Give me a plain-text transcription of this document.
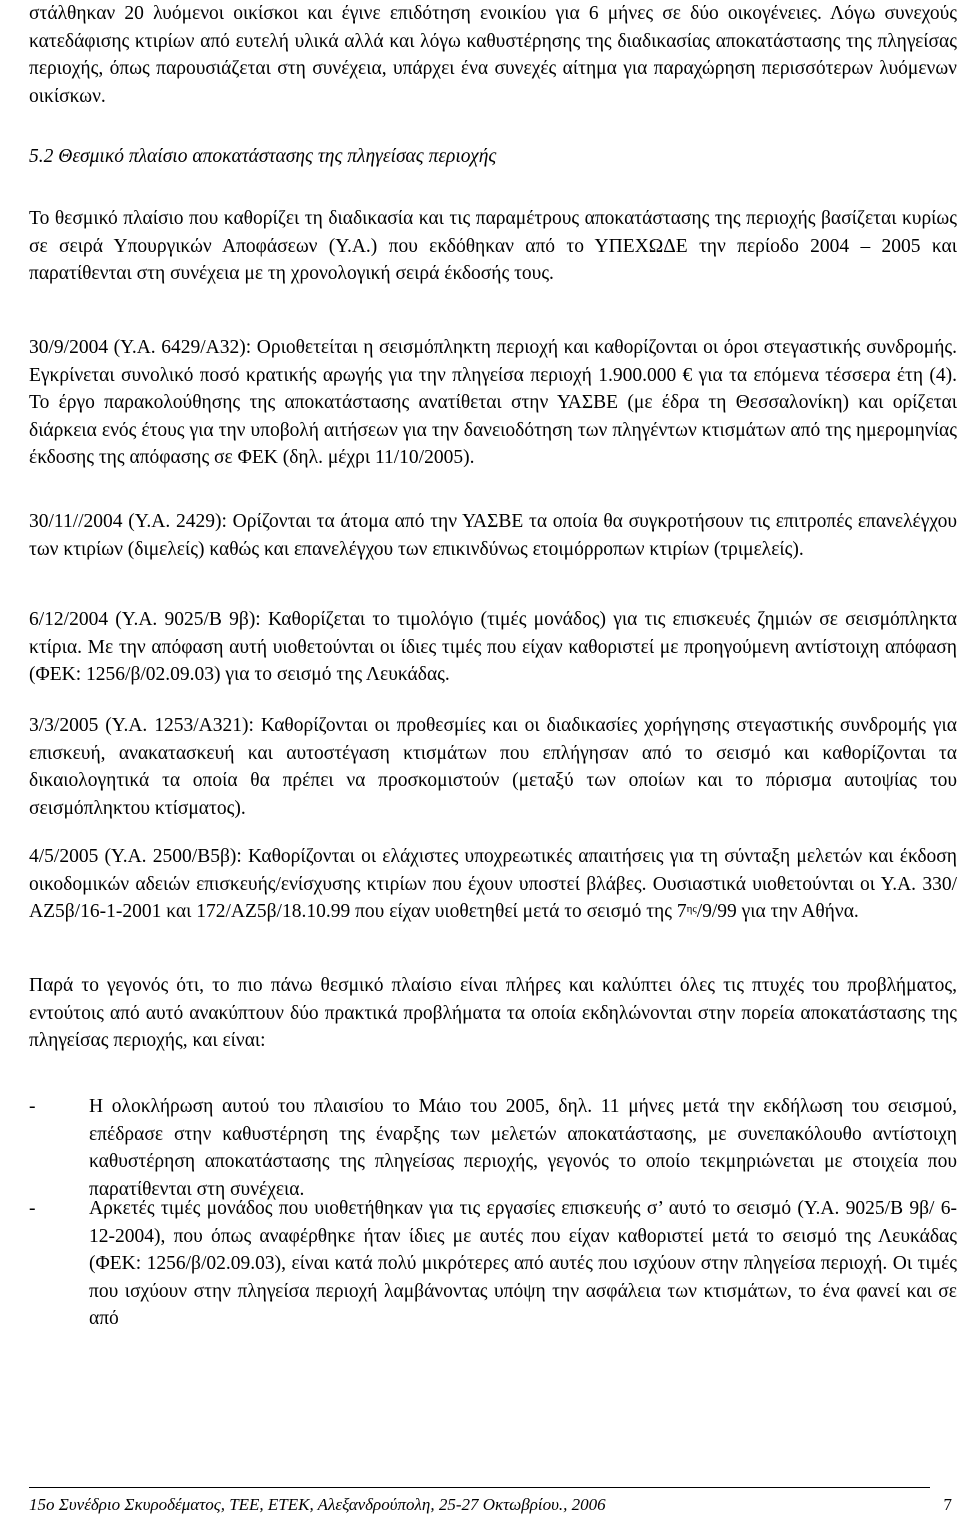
στάλθηκαν 20 λυόμενοι οικίσκοι και έγινε επιδότηση ενοικίου για 6 μήνες σε δύο οικογένειες. Λόγω συνεχούς κατεδάφισης κτιρίων από ευτελή υλικά αλλά και λόγω καθυστέρησης της διαδικασίας αποκατάστασης της πληγείσας περιοχής, όπως παρουσιάζεται στη συνέχεια, υπάρχει ένα συνεχές αίτημα για παραχώρηση περισσότερων λυόμενων οικίσκων.

5.2 Θεσμικό πλαίσιο αποκατάστασης της πληγείσας περιοχής

Το θεσμικό πλαίσιο που καθορίζει τη διαδικασία και τις παραμέτρους αποκατάστασης της περιοχής βασίζεται κυρίως σε σειρά Υπουργικών Αποφάσεων (Υ.Α.) που εκδόθηκαν από το ΥΠΕΧΩΔΕ την περίοδο 2004 – 2005 και παρατίθενται στη συνέχεια με τη χρονολογική σειρά έκδοσής τους.

30/9/2004 (Υ.Α. 6429/Α32): Οριοθετείται η σεισμόπληκτη περιοχή και καθορίζονται οι όροι στεγαστικής συνδρομής. Εγκρίνεται συνολικό ποσό κρατικής αρωγής για την πληγείσα περιοχή 1.900.000 € για τα επόμενα τέσσερα έτη (4). Το έργο παρακολούθησης της αποκατάστασης ανατίθεται στην ΥΑΣΒΕ (με έδρα τη Θεσσαλονίκη) και ορίζεται διάρκεια ενός έτους για την υποβολή αιτήσεων για την δανειοδότηση των πληγέντων κτισμάτων από της ημερομηνίας έκδοσης της απόφασης σε ΦΕΚ (δηλ. μέχρι 11/10/2005).

30/11//2004 (Υ.Α. 2429): Ορίζονται τα άτομα από την ΥΑΣΒΕ τα οποία θα συγκροτήσουν τις επιτροπές επανελέγχου των κτιρίων (διμελείς) καθώς και επανελέγχου των επικινδύνως ετοιμόρροπων κτιρίων (τριμελείς).

6/12/2004 (Υ.Α. 9025/Β 9β): Καθορίζεται το τιμολόγιο (τιμές μονάδος) για τις επισκευές ζημιών σε σεισμόπληκτα κτίρια. Με την απόφαση αυτή υιοθετούνται οι ίδιες τιμές που είχαν καθοριστεί με προηγούμενη αντίστοιχη απόφαση (ΦΕΚ: 1256/β/02.09.03) για το σεισμό της Λευκάδας.

3/3/2005 (Υ.Α. 1253/Α321): Καθορίζονται οι προθεσμίες και οι διαδικασίες χορήγησης στεγαστικής συνδρομής για επισκευή, ανακατασκευή και αυτοστέγαση κτισμάτων που επλήγησαν από το σεισμό και καθορίζονται τα δικαιολογητικά τα οποία θα πρέπει να προσκομιστούν (μεταξύ των οποίων και το πόρισμα αυτοψίας του σεισμόπληκτου κτίσματος).

4/5/2005 (Υ.Α. 2500/Β5β): Καθορίζονται οι ελάχιστες υποχρεωτικές απαιτήσεις για τη σύνταξη μελετών και έκδοση οικοδομικών αδειών επισκευής/ενίσχυσης κτιρίων που έχουν υποστεί βλάβες. Ουσιαστικά υιοθετούνται οι Υ.Α. 330/ΑΖ5β/16-1-2001 και 172/ΑΖ5β/18.10.99 που είχαν υιοθετηθεί μετά το σεισμό της $7^{\eta\varsigma}/9/99$ για την Αθήνα.

Παρά το γεγονός ότι, το πιο πάνω θεσμικό πλαίσιο είναι πλήρες και καλύπτει όλες τις πτυχές του προβλήματος, εντούτοις από αυτό ανακύπτουν δύο πρακτικά προβλήματα τα οποία εκδηλώνονται στην πορεία αποκατάστασης της πληγείσας περιοχής, και είναι:

-	Η ολοκλήρωση αυτού του πλαισίου το Μάιο του 2005, δηλ. 11 μήνες μετά την εκδήλωση του σεισμού, επέδρασε στην καθυστέρηση της έναρξης των μελετών αποκατάστασης, με συνεπακόλουθο αντίστοιχη καθυστέρηση αποκατάστασης της πληγείσας περιοχής, γεγονός το οποίο τεκμηριώνεται με στοιχεία που παρατίθενται στη συνέχεια.
-	Αρκετές τιμές μονάδος που υιοθετήθηκαν για τις εργασίες επισκευής σ’ αυτό το σεισμό (Υ.Α. 9025/Β 9β/ 6-12-2004), που όπως αναφέρθηκε ήταν ίδιες με αυτές που είχαν καθοριστεί μετά το σεισμό της Λευκάδας (ΦΕΚ: 1256/β/02.09.03), είναι κατά πολύ μικρότερες από αυτές που ισχύουν στην πληγείσα περιοχή. Οι τιμές που ισχύουν στην πληγείσα περιοχή λαμβάνοντας υπόψη την ασφάλεια των κτισμάτων, το ένα φανεί και σε από
15ο Συνέδριο Σκυροδέματος, ΤΕΕ, ΕΤΕΚ, Αλεξανδρούπολη, 25-27 Οκτωβρίου., 2006	7
